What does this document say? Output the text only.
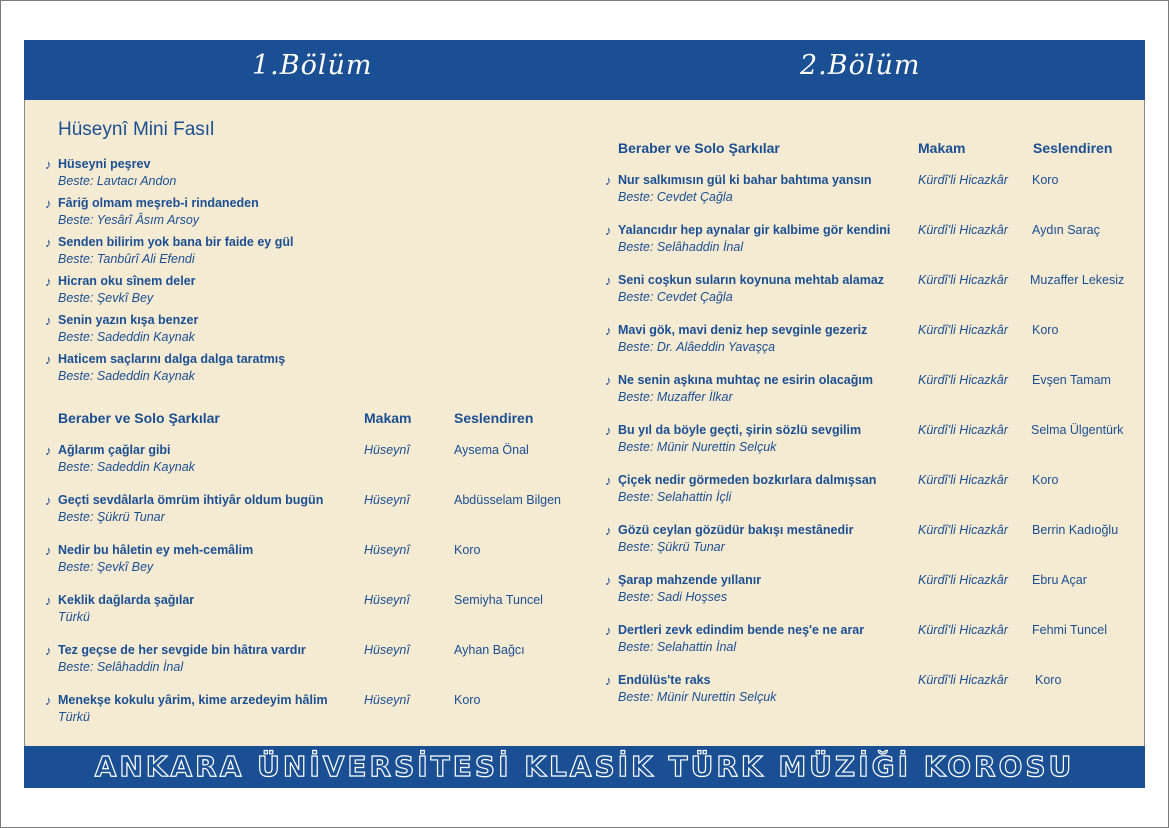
1.Bölüm	2.Bölüm
Hüseynî Mini Fasıl
♪ Hüseyni peşrev
Beste: Lavtacı Andon
♪ Fâriğ olmam meşreb-i rindaneden
Beste: Yesârî Âsım Arsoy
♪ Senden bilirim yok bana bir faide ey gül
Beste: Tanbûrî Ali Efendi
♪ Hicran oku sînem deler
Beste: Şevkî Bey
♪ Senin yazın kışa benzer
Beste: Sadeddin Kaynak
♪ Haticem saçlarını dalga dalga taratmış
Beste: Sadeddin Kaynak
Beraber ve Solo Şarkılar	Makam	Seslendiren
♪ Ağlarım çağlar gibi
Beste: Sadeddin Kaynak
Hüseynî	Aysema Önal
♪ Geçti sevdâlarla ömrüm ihtiyâr oldum bugün
Beste: Şükrü Tunar
Hüseynî	Abdüsselam Bilgen
♪ Nedir bu hâletin ey meh-cemâlim
Beste: Şevkî Bey
Hüseynî	Koro
♪ Keklik dağlarda şağılar
Türkü
Hüseynî	Semiyha Tuncel
♪ Tez geçse de her sevgide bin hâtıra vardır
Beste: Selâhaddin İnal
Hüseynî	Ayhan Bağcı
♪ Menekşe kokulu yârim, kime arzedeyim hâlim
Türkü
Hüseynî	Koro
Beraber ve Solo Şarkılar	Makam	Seslendiren
♪ Nur salkımısın gül ki bahar bahtıma yansın
Beste: Cevdet Çağla
Kürdî'li Hicazkâr Koro
♪ Yalancıdır hep aynalar gir kalbime gör kendini
Beste: Selâhaddin İnal
Kürdî'li Hicazkâr Aydın Saraç
♪ Seni coşkun suların koynuna mehtab alamaz
Beste: Cevdet Çağla
Kürdî'li Hicazkâr Muzaffer Lekesiz
♪ Mavi gök, mavi deniz hep sevginle gezeriz
Beste: Dr. Alâeddin Yavaşça
Kürdî'li Hicazkâr Koro
♪ Ne senin aşkına muhtaç ne esirin olacağım
Beste: Muzaffer İlkar
Kürdî'li Hicazkâr Evşen Tamam
♪ Bu yıl da böyle geçti, şirin sözlü sevgilim
Beste: Münir Nurettin Selçuk
Kürdî'li Hicazkâr Selma Ülgentürk
♪ Çiçek nedir görmeden bozkırlara dalmışsan
Beste: Selahattin İçli
Kürdî'li Hicazkâr Koro
♪ Gözü ceylan gözüdür bakışı mestânedir
Beste: Şükrü Tunar
Kürdî'li Hicazkâr Berrin Kadıoğlu
♪ Şarap mahzende yıllanır
Beste: Sadi Hoşses
Kürdî'li Hicazkâr Ebru Açar
♪ Dertleri zevk edindim bende neş'e ne arar
Beste: Selahattin İnal
Kürdî'li Hicazkâr Fehmi Tuncel
♪ Endülüs'te raks
Beste: Münir Nurettin Selçuk
Kürdî'li Hicazkâr Koro
ANKARA ÜNİVERSİTESİ KLASİK TÜRK MÜZİĞİ KOROSU
